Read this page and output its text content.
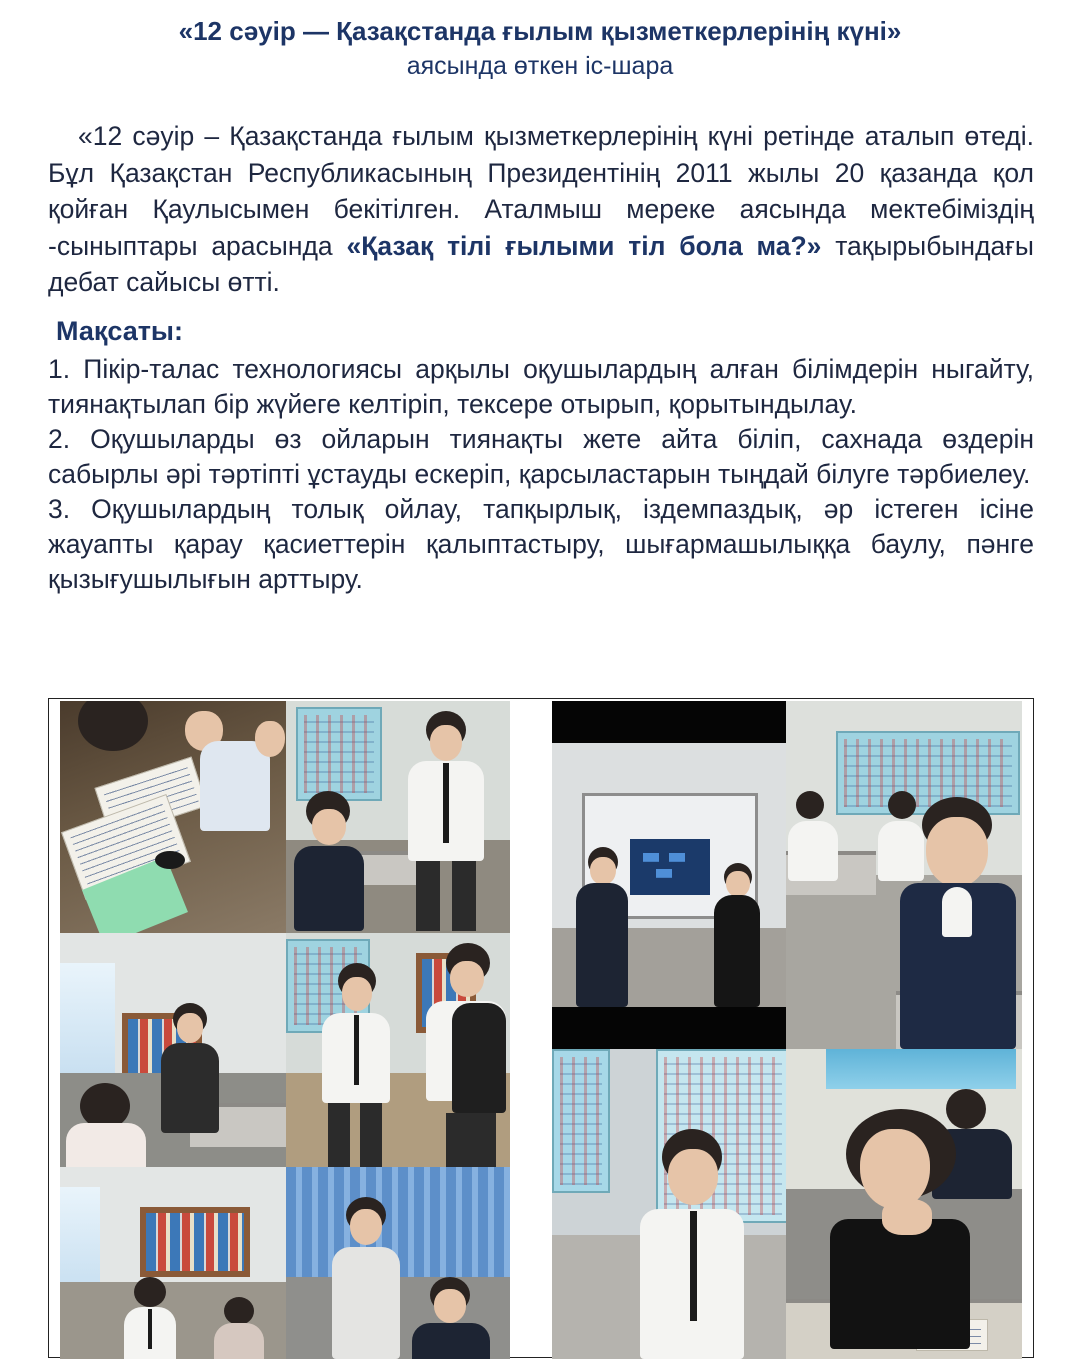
«12 сәуір — Қазақстанда ғылым қызметкерлерінің күні»
аясында өткен іс-шара

«12 сәуір – Қазақстанда ғылым қызметкерлерінің күні ретінде аталып өтеді. Бұл Қазақстан Республикасының Президентінің 2011 жылы 20 қазанда қол қойған Қаулысымен бекітілген. Аталмыш мереке аясында мектебіміздің -сыныптары арасында «Қазақ тілі ғылыми тіл бола ма?» тақырыбындағы дебат сайысы өтті.

Мақсаты:
1. Пікір-талас технологиясы арқылы оқушылардың алған білімдерін ныгайту, тиянақтылап бір жүйеге келтіріп, тексере отырып, қорытындылау.
2. Оқушыларды өз ойларын тиянақты жете айта біліп, сахнада өздерін сабырлы әрі тәртіпті ұстауды ескеріп, қарсыластарын тыңдай білуге тәрбиелеу.
3. Оқушылардың толық ойлау, тапқырлық, іздемпаздық, әр істеген ісіне жауапты қарау қасиеттерін қалыптастыру, шығармашылыққа баулу, пәнге қызығушылығын арттыру.
